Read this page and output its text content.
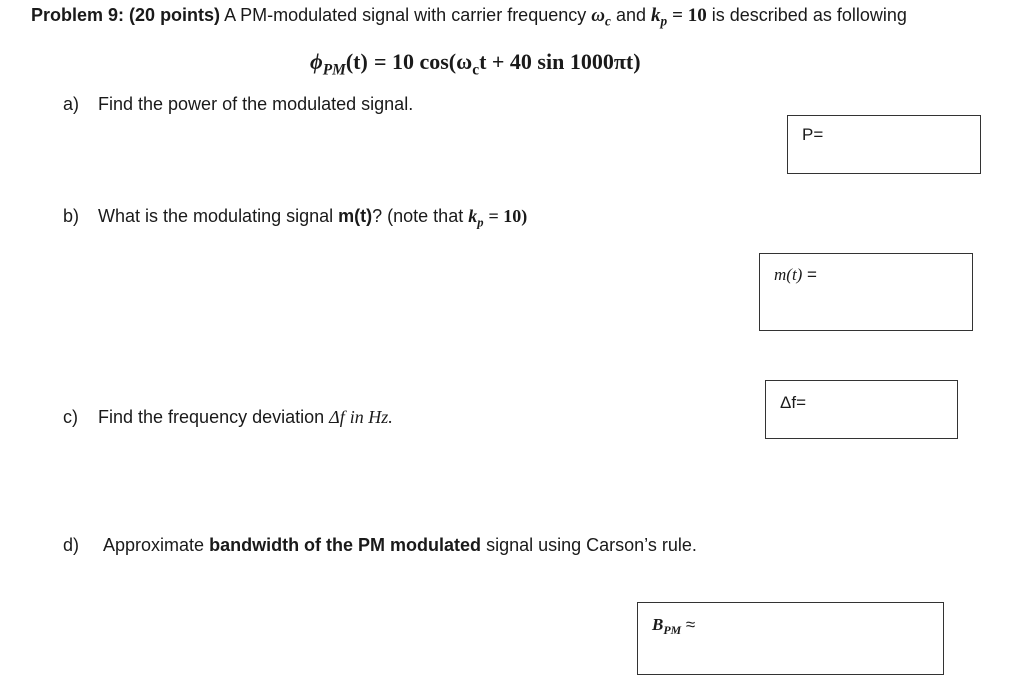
Problem 9: (20 points) A PM-modulated signal with carrier frequency $\omega_c$ and $k_p = 10$ is described as following
$\phi_{PM}(t) = 10$ $\cos(\omega_ct + 40$ sin 1000πt)
a) Find the power of the modulated signal.
P=
b) What is the modulating signal m(t)? (note that $k_p = 10$)
m(t) =
c) Find the frequency deviation Δf in Hz.
Δf=
d) Approximate bandwidth of the PM modulated signal using Carson’s rule.
$B_{PM}$ ≈
